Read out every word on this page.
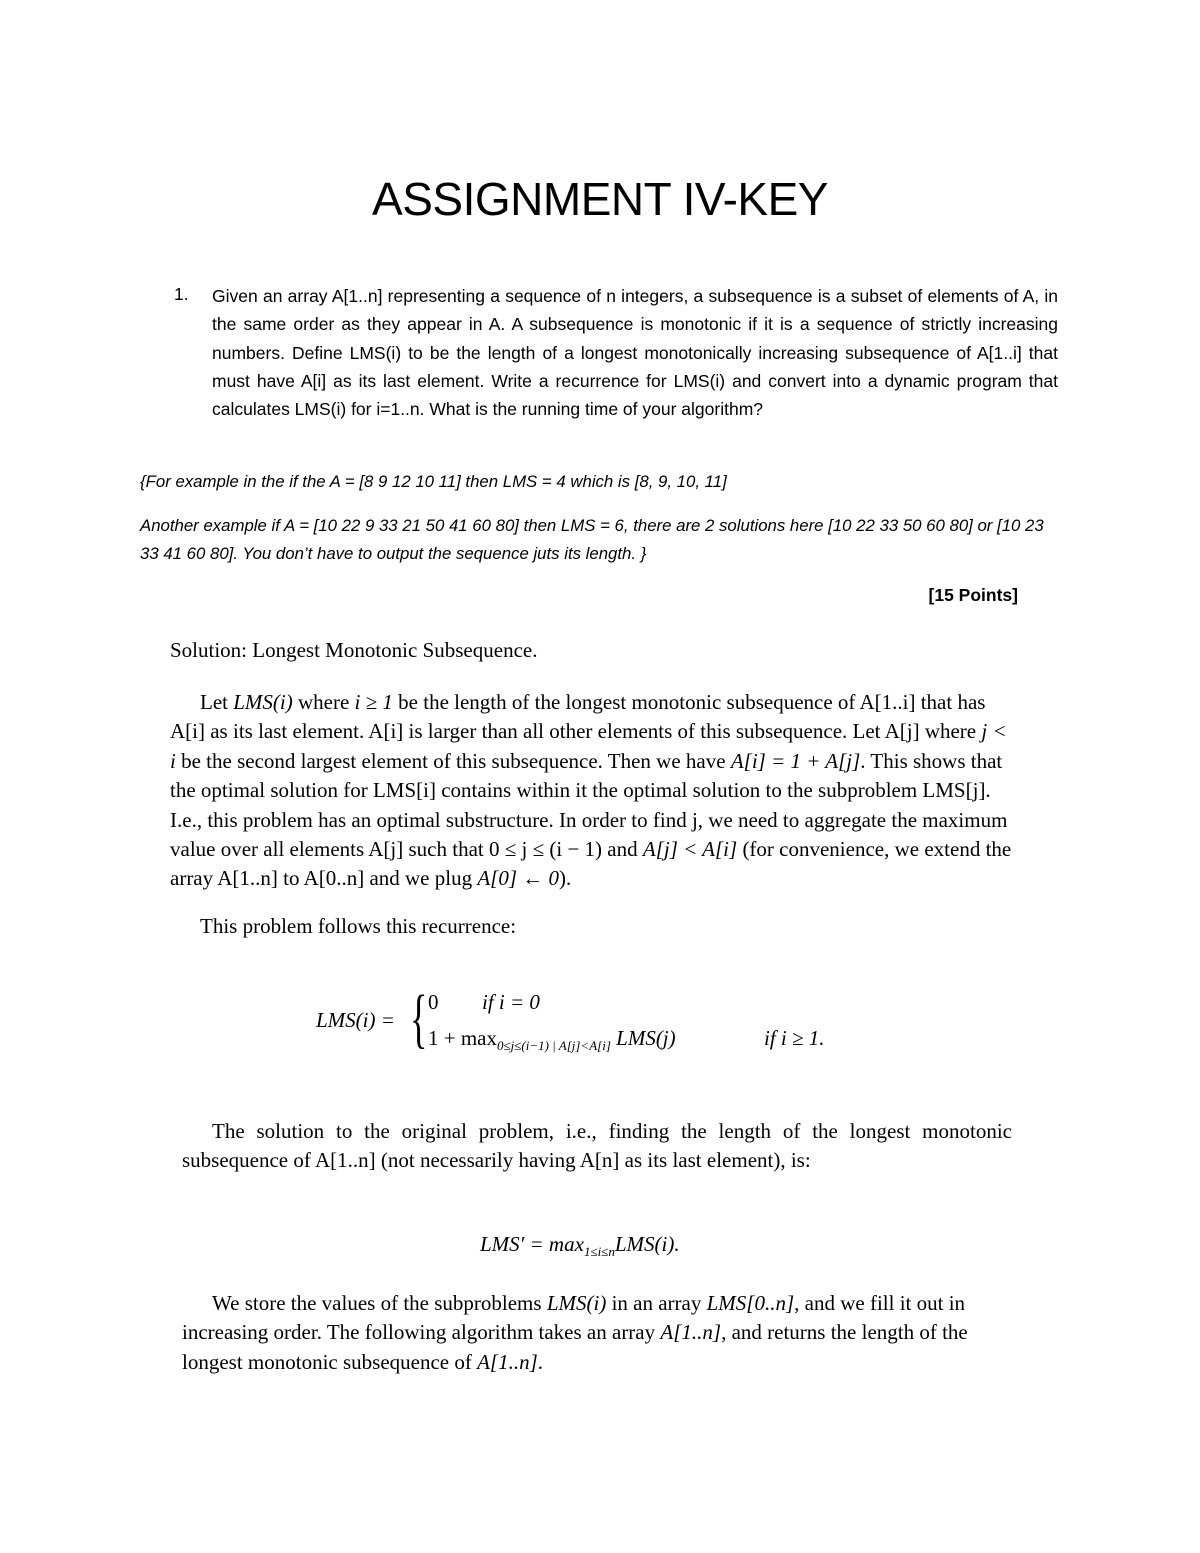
ASSIGNMENT IV-KEY
1. Given an array A[1..n] representing a sequence of n integers, a subsequence is a subset of elements of A, in the same order as they appear in A. A subsequence is monotonic if it is a sequence of strictly increasing numbers. Define LMS(i) to be the length of a longest monotonically increasing subsequence of A[1..i] that must have A[i] as its last element. Write a recurrence for LMS(i) and convert into a dynamic program that calculates LMS(i) for i=1..n. What is the running time of your algorithm?
{For example in the if the A = [8 9 12 10 11] then LMS = 4 which is [8, 9, 10, 11]
Another example if A = [10 22 9 33 21 50 41 60 80] then LMS = 6, there are 2 solutions here [10 22 33 50 60 80] or [10 23 33 41 60 80]. You don’t have to output the sequence juts its length. }
[15 Points]
Solution: Longest Monotonic Subsequence.
Let LMS(i) where i ≥ 1 be the length of the longest monotonic subsequence of A[1..i] that has A[i] as its last element. A[i] is larger than all other elements of this subsequence. Let A[j] where j < i be the second largest element of this subsequence. Then we have A[i] = 1 + A[j]. This shows that the optimal solution for LMS[i] contains within it the optimal solution to the subproblem LMS[j]. I.e., this problem has an optimal substructure. In order to find j, we need to aggregate the maximum value over all elements A[j] such that 0 ≤ j ≤ (i − 1) and A[j] < A[i] (for convenience, we extend the array A[1..n] to A[0..n] and we plug A[0] ← 0).
This problem follows this recurrence:
LMS(i) = { 0 if i = 0
$1 + \max_{0\le j\le(i-1) | A[j]<A[i]} LMS(j)$	if i ≥ 1.
The solution to the original problem, i.e., finding the length of the longest monotonic subsequence of A[1..n] (not necessarily having A[n] as its last element), is:
$LMS' = \max_{1\le i\le n}LMS(i)$.
We store the values of the subproblems LMS(i) in an array LMS[0..n], and we fill it out in increasing order. The following algorithm takes an array A[1..n], and returns the length of the longest monotonic subsequence of A[1..n].
